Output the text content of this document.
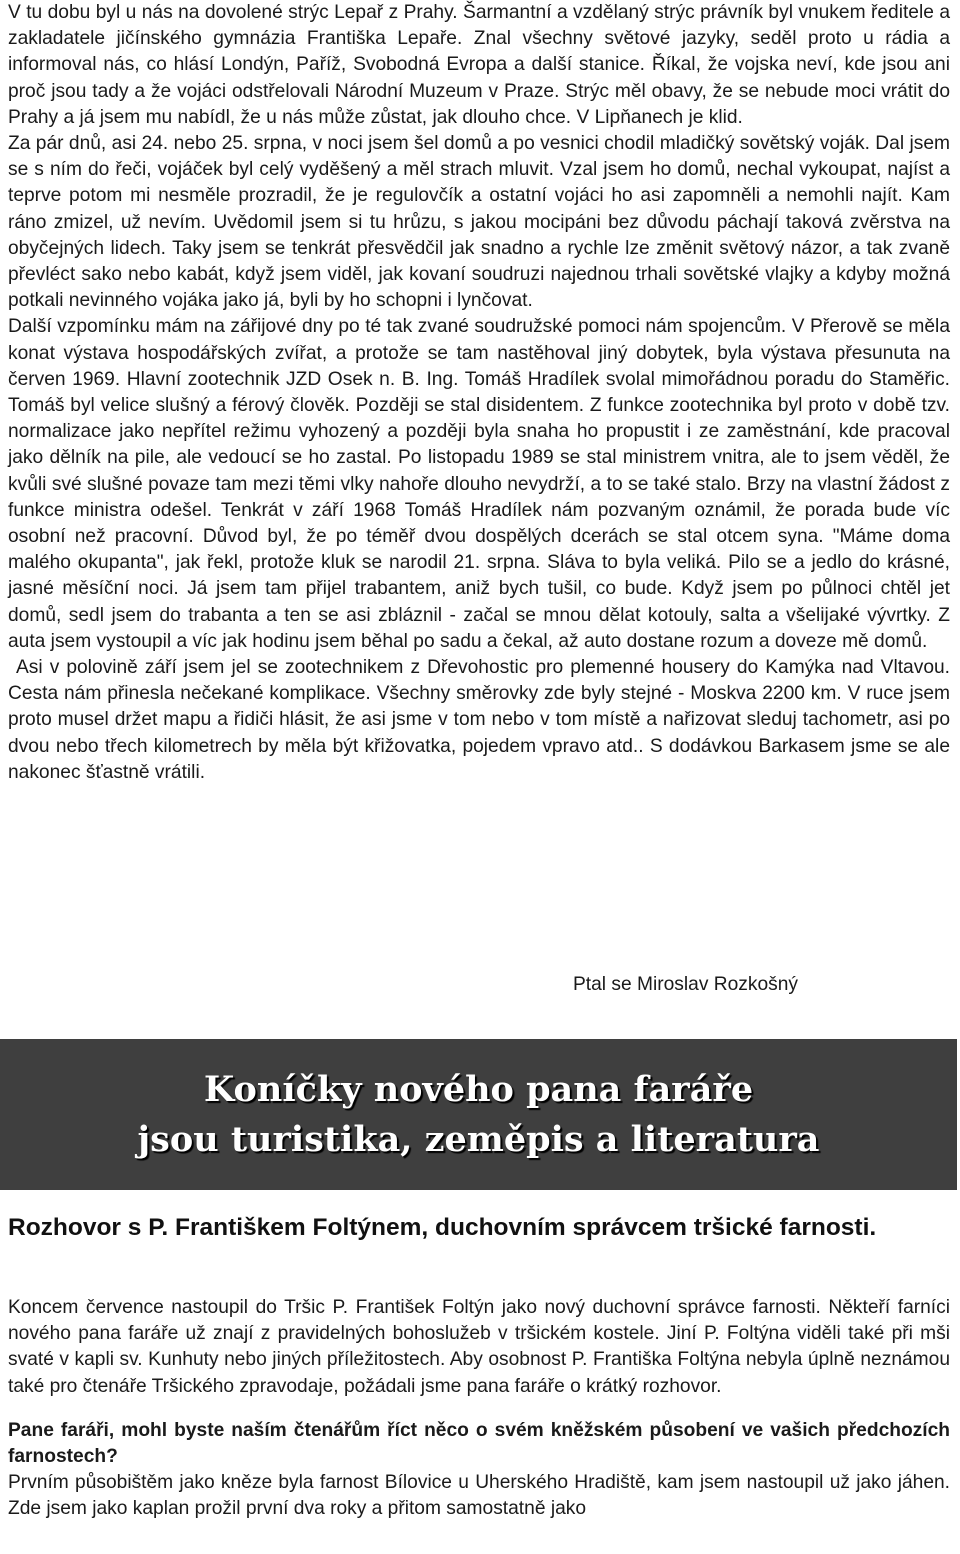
V tu dobu byl u nás na dovolené strýc Lepař z Prahy. Šarmantní a vzdělaný strýc právník byl vnukem ředitele a zakladatele jičínského gymnázia Františka Lepaře. Znal všechny světové jazyky, seděl proto u rádia a informoval nás, co hlásí Londýn, Paříž, Svobodná Evropa a další stanice. Říkal, že vojska neví, kde jsou ani proč jsou tady a že vojáci odstřelovali Národní Muzeum v Praze. Strýc měl obavy, že se nebude moci vrátit do Prahy a já jsem mu nabídl, že u nás může zůstat, jak dlouho chce. V Lipňanech je klid.

Za pár dnů, asi 24. nebo 25. srpna, v noci jsem šel domů a po vesnici chodil mladičký sovětský voják. Dal jsem se s ním do řeči, vojáček byl celý vyděšený a měl strach mluvit. Vzal jsem ho domů, nechal vykoupat, najíst a teprve potom mi nesměle prozradil, že je regulovčík a ostatní vojáci ho asi zapomněli a nemohli najít. Kam ráno zmizel, už nevím. Uvědomil jsem si tu hrůzu, s jakou mocipáni bez důvodu páchají taková zvěrstva na obyčejných lidech. Taky jsem se tenkrát přesvědčil jak snadno a rychle lze změnit světový názor, a tak zvaně převléct sako nebo kabát, když jsem viděl, jak kovaní soudruzi najednou trhali sovětské vlajky a kdyby možná potkali nevinného vojáka jako já, byli by ho schopni i lynčovat.

Další vzpomínku mám na zářijové dny po té tak zvané soudružské pomoci nám spojencům. V Přerově se měla konat výstava hospodářských zvířat, a protože se tam nastěhoval jiný dobytek, byla výstava přesunuta na červen 1969. Hlavní zootechnik JZD Osek n. B. Ing. Tomáš Hradílek svolal mimořádnou poradu do Staměřic. Tomáš byl velice slušný a férový člověk. Později se stal disidentem. Z funkce zootechnika byl proto v době tzv. normalizace jako nepřítel režimu vyhozený a později byla snaha ho propustit i ze zaměstnání, kde pracoval jako dělník na pile, ale vedoucí se ho zastal. Po listopadu 1989 se stal ministrem vnitra, ale to jsem věděl, že kvůli své slušné povaze tam mezi těmi vlky nahoře dlouho nevydrží, a to se také stalo. Brzy na vlastní žádost z funkce ministra odešel. Tenkrát v září 1968 Tomáš Hradílek nám pozvaným oznámil, že porada bude víc osobní než pracovní. Důvod byl, že po téměř dvou dospělých dcerách se stal otcem syna. "Máme doma malého okupanta", jak řekl, protože kluk se narodil 21. srpna. Sláva to byla veliká. Pilo se a jedlo do krásné, jasné měsíční noci. Já jsem tam přijel trabantem, aniž bych tušil, co bude. Když jsem po půlnoci chtěl jet domů, sedl jsem do trabanta a ten se asi zbláznil - začal se mnou dělat kotouly, salta a všelijaké vývrtky. Z auta jsem vystoupil a víc jak hodinu jsem běhal po sadu a čekal, až auto dostane rozum a doveze mě domů.

Asi v polovině září jsem jel se zootechnikem z Dřevohostic pro plemenné housery do Kamýka nad Vltavou. Cesta nám přinesla nečekané komplikace. Všechny směrovky zde byly stejné - Moskva 2200 km. V ruce jsem proto musel držet mapu a řidiči hlásit, že asi jsme v tom nebo v tom místě a nařizovat sleduj tachometr, asi po dvou nebo třech kilometrech by měla být křižovatka, pojedem vpravo atd.. S dodávkou Barkasem jsme se ale nakonec šťastně vrátili.

Ptal se Miroslav Rozkošný

Koníčky nového pana faráře
jsou turistika, zeměpis a literatura
Rozhovor s P. Františkem Foltýnem, duchovním správcem tršické farnosti.

Koncem července nastoupil do Tršic P. František Foltýn jako nový duchovní správce farnosti. Někteří farníci nového pana faráře už znají z pravidelných bohoslužeb v tršickém kostele. Jiní P. Foltýna viděli také při mši svaté v kapli sv. Kunhuty nebo jiných příležitostech. Aby osobnost P. Františka Foltýna nebyla úplně neznámou také pro čtenáře Tršického zpravodaje, požádali jsme pana faráře o krátký rozhovor.

Pane faráři, mohl byste naším čtenářům říct něco o svém kněžském působení ve vašich předchozích farnostech?

Prvním působištěm jako kněze byla farnost Bílovice u Uherského Hradiště, kam jsem nastoupil už jako jáhen. Zde jsem jako kaplan prožil první dva roky a přitom samostatně jako
